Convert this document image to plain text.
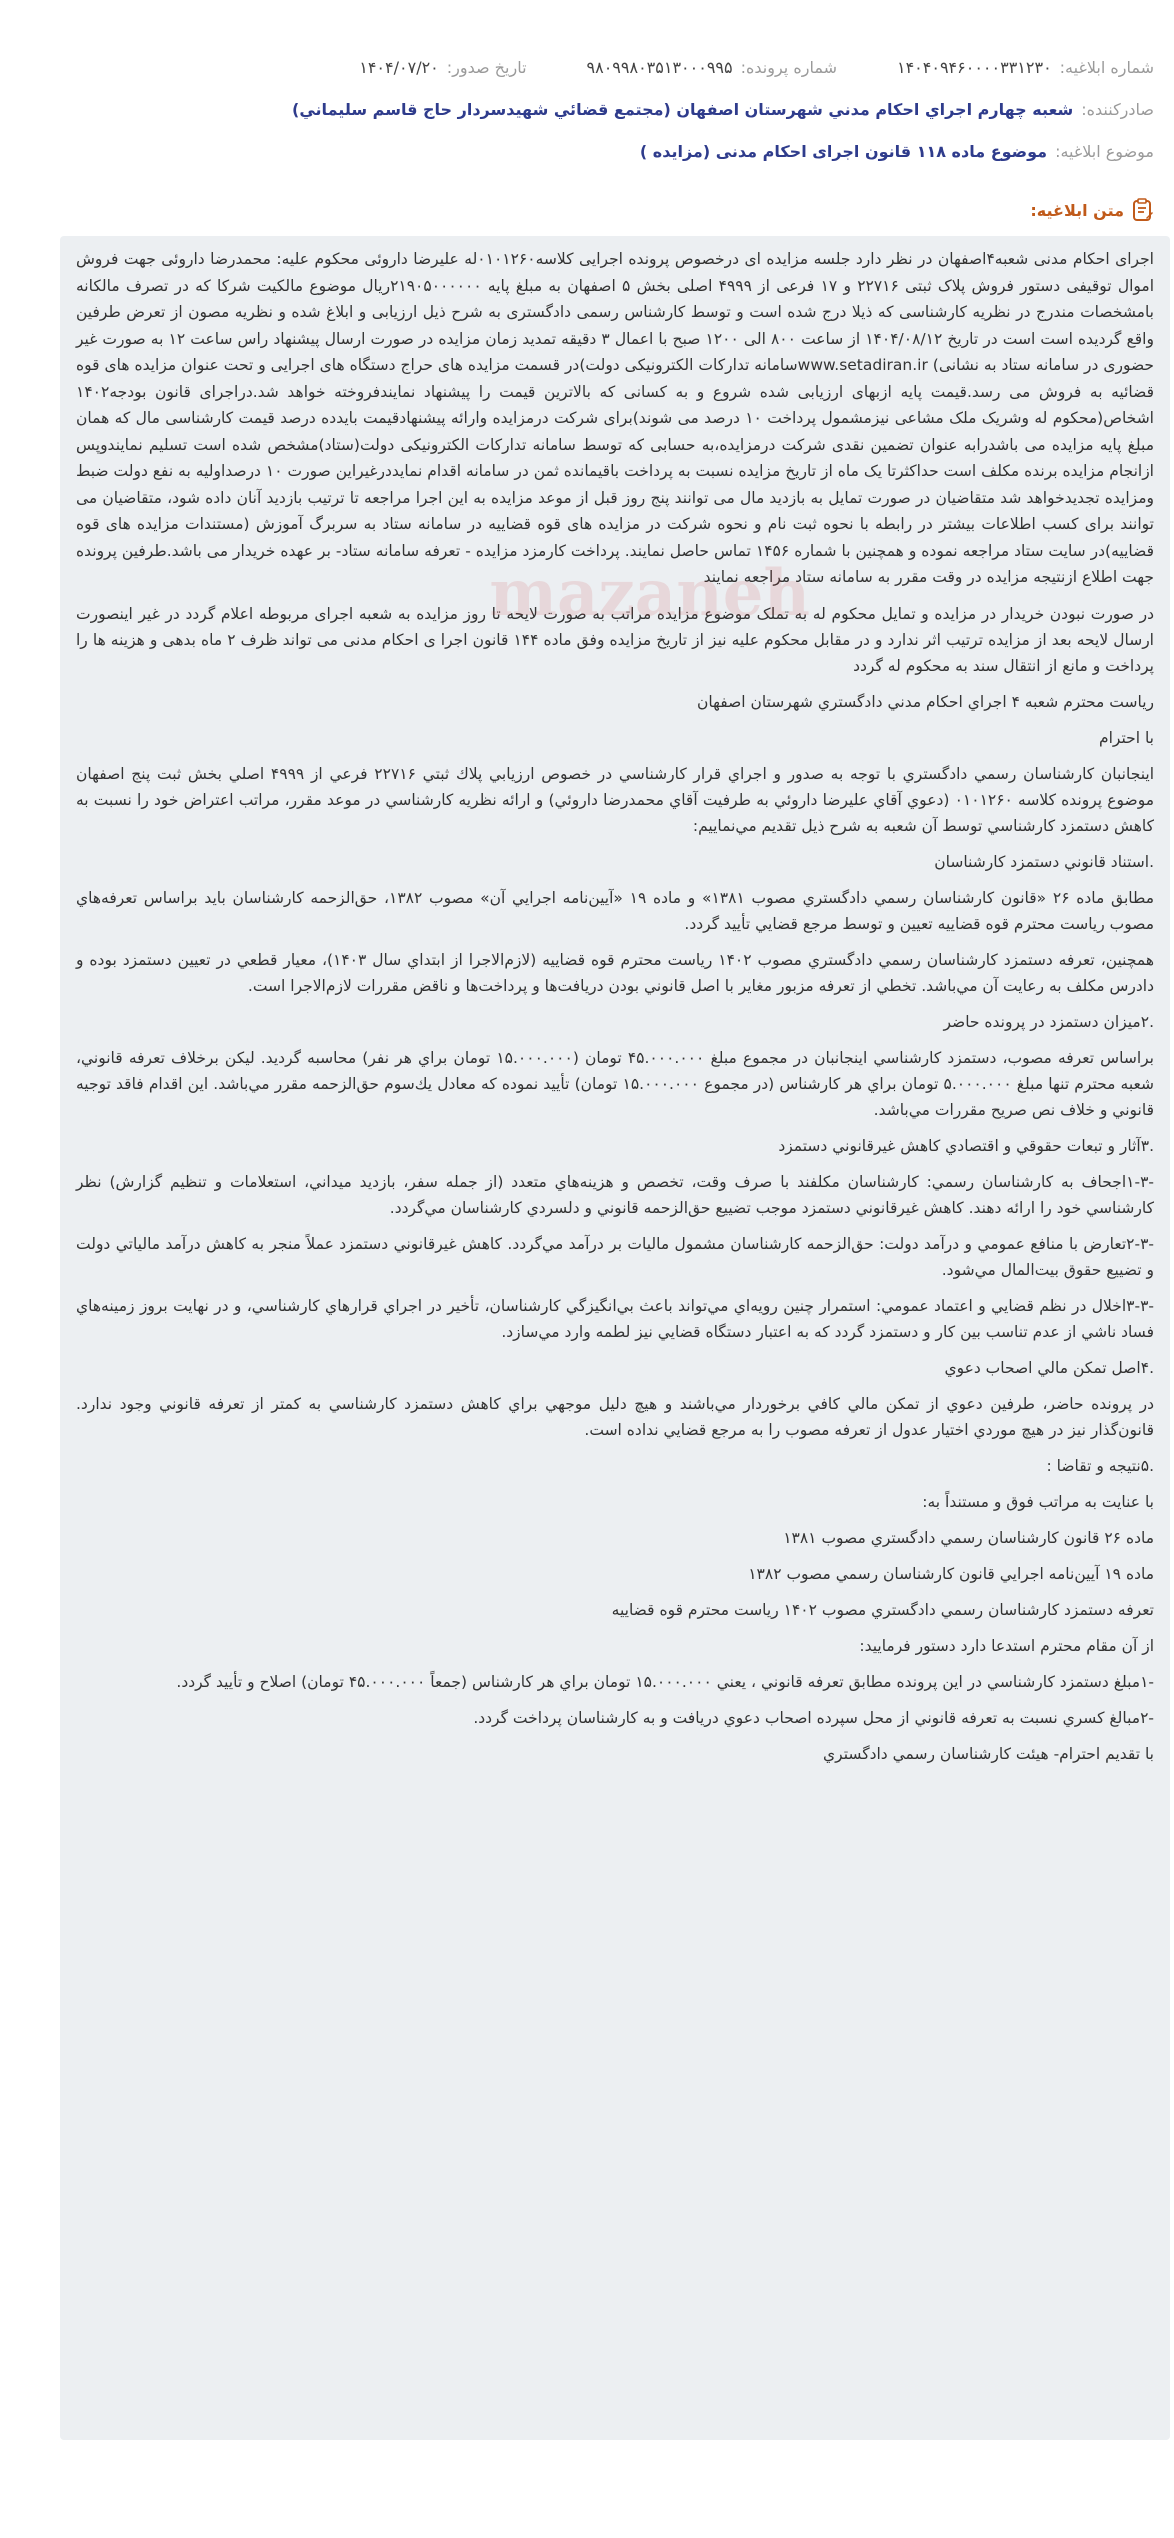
شماره ابلاغیه:
۱۴۰۴۰۹۴۶۰۰۰۰۳۳۱۲۳۰
شماره پرونده:
۹۸۰۹۹۸۰۳۵۱۳۰۰۰۹۹۵
تاریخ صدور:
۱۴۰۴/۰۷/۲۰
صادرکننده:
شعبه چهارم اجراي احكام مدني شهرستان اصفهان (مجتمع قضائي شهيدسردار حاج قاسم سليماني)
موضوع ابلاغیه:
موضوع ماده ۱۱۸ قانون اجرای احکام مدنی (مزایده )
متن ابلاغیه:
mazaneh

اجرای احکام مدنی شعبه۴اصفهان در نظر دارد جلسه مزایده ای درخصوص پرونده اجرایی کلاسه۰۱۰۱۲۶۰له علیرضا داروئی محکوم علیه: محمدرضا داروئی جهت فروش اموال توقیفی دستور فروش پلاک ثبتی ۲۲۷۱۶ و ۱۷ فرعی از ۴۹۹۹ اصلی بخش ۵ اصفهان به مبلغ پایه ۲۱۹۰۵۰۰۰۰۰۰ریال موضوع مالکیت شرکا که در تصرف مالکانه بامشخصات مندرج در نظریه کارشناسی که ذیلا درج شده است و توسط کارشناس رسمی دادگستری به شرح ذیل ارزیابی و ابلاغ شده و نظریه مصون از تعرض طرفین واقع گردیده است است در تاریخ ۱۴۰۴/۰۸/۱۲ از ساعت ۸۰۰ الی ۱۲۰۰ صبح با اعمال ۳ دقیقه تمدید زمان مزایده در صورت ارسال پیشنهاد راس ساعت ۱۲ به صورت غیر حضوری در سامانه ستاد به نشانی) www.setadiran.irسامانه تدارکات الکترونیکی دولت)در قسمت مزایده های حراج دستگاه های اجرایی و تحت عنوان مزایده های قوه قضائیه به فروش می رسد.قیمت پایه ازبهای ارزیابی شده شروع و به کسانی که بالاترین قیمت را پیشنهاد نمایندفروخته خواهد شد.دراجرای قانون بودجه۱۴۰۲ اشخاص(محکوم له وشریک ملک مشاعی نیزمشمول پرداخت ۱۰ درصد می شوند)برای شرکت درمزایده وارائه پیشنهادقیمت بایدده درصد قیمت کارشناسی مال که همان مبلغ پایه مزایده می باشدرابه عنوان تضمین نقدی شرکت درمزایده،به حسابی که توسط سامانه تدارکات الکترونیکی دولت(ستاد)مشخص شده است تسلیم نمایندوپس ازانجام مزایده برنده مکلف است حداکثرتا یک ماه از تاریخ مزایده نسبت به پرداخت باقیمانده ثمن در سامانه اقدام نمایددرغیراین صورت ۱۰ درصداولیه به نفع دولت ضبط ومزایده تجدیدخواهد شد متقاضیان در صورت تمایل به بازدید مال می توانند پنج روز قبل از موعد مزایده به این اجرا مراجعه تا ترتیب بازدید آنان داده شود، متقاضیان می توانند برای کسب اطلاعات بیشتر در رابطه با نحوه ثبت نام و نحوه شرکت در مزایده های قوه قضاییه در سامانه ستاد به سربرگ آموزش (مستندات مزایده های قوه قضاییه)در سایت ستاد مراجعه نموده و همچنین با شماره ۱۴۵۶ تماس حاصل نمایند. پرداخت کارمزد مزایده - تعرفه سامانه ستاد- بر عهده خریدار می باشد.طرفین پرونده جهت اطلاع ازنتیجه مزایده در وقت مقرر به سامانه ستاد مراجعه نمایند

در صورت نبودن خریدار در مزایده و تمایل محکوم له به تملک موضوع مزایده مراتب به صورت لایحه تا روز مزایده به شعبه اجرای مربوطه اعلام گردد در غیر اینصورت ارسال لایحه بعد از مزایده ترتیب اثر ندارد و در مقابل محکوم علیه نیز از تاریخ مزایده وفق ماده ۱۴۴ قانون اجرا ی احکام مدنی می تواند ظرف ۲ ماه بدهی و هزینه ها را پرداخت و مانع از انتقال سند به محکوم له گردد

رياست محترم شعبه ۴ اجراي احكام مدني دادگستري شهرستان اصفهان

با احترام

اينجانبان كارشناسان رسمي دادگستري با توجه به صدور و اجراي قرار كارشناسي در خصوص ارزيابي پلاك ثبتي ۲۲۷۱۶ فرعي از ۴۹۹۹ اصلي بخش ثبت پنج اصفهان موضوع پرونده كلاسه ۰۱۰۱۲۶۰ (دعوي آقاي عليرضا داروئي به طرفيت آقاي محمدرضا داروئي) و ارائه نظريه كارشناسي در موعد مقرر، مراتب اعتراض خود را نسبت به كاهش دستمزد كارشناسي توسط آن شعبه به شرح ذيل تقديم مي‌نماييم:

.استناد قانوني دستمزد كارشناسان

مطابق ماده ۲۶ «قانون كارشناسان رسمي دادگستري مصوب ۱۳۸۱» و ماده ۱۹ «آيين‌نامه اجرايي آن» مصوب ۱۳۸۲، حق‌الزحمه كارشناسان بايد براساس تعرفه‌هاي مصوب رياست محترم قوه قضاييه تعيين و توسط مرجع قضايي تأييد گردد.

همچنين، تعرفه دستمزد كارشناسان رسمي دادگستري مصوب ۱۴۰۲ رياست محترم قوه قضاييه (لازم‌الاجرا از ابتداي سال ۱۴۰۳)، معيار قطعي در تعيين دستمزد بوده و دادرس مكلف به رعايت آن مي‌باشد. تخطي از تعرفه مزبور مغاير با اصل قانوني بودن دريافت‌ها و پرداخت‌ها و ناقض مقررات لازم‌الاجرا است.

.۲ميزان دستمزد در پرونده حاضر

براساس تعرفه مصوب، دستمزد كارشناسي اينجانبان در مجموع مبلغ ۴۵.۰۰۰.۰۰۰ تومان (۱۵.۰۰۰.۰۰۰ تومان براي هر نفر) محاسبه گرديد. ليكن برخلاف تعرفه قانوني، شعبه محترم تنها مبلغ ۵.۰۰۰.۰۰۰ تومان براي هر كارشناس (در مجموع ۱۵.۰۰۰.۰۰۰ تومان) تأييد نموده كه معادل يك‌سوم حق‌الزحمه مقرر مي‌باشد. اين اقدام فاقد توجيه قانوني و خلاف نص صريح مقررات مي‌باشد.

.۳آثار و تبعات حقوقي و اقتصادي كاهش غيرقانوني دستمزد

-۱-۳اجحاف به كارشناسان رسمي: كارشناسان مكلفند با صرف وقت، تخصص و هزينه‌هاي متعدد (از جمله سفر، بازديد ميداني، استعلامات و تنظيم گزارش) نظر كارشناسي خود را ارائه دهند. كاهش غيرقانوني دستمزد موجب تضييع حق‌الزحمه قانوني و دلسردي كارشناسان مي‌گردد.

-۲-۳تعارض با منافع عمومي و درآمد دولت: حق‌الزحمه كارشناسان مشمول ماليات بر درآمد مي‌گردد. كاهش غيرقانوني دستمزد عملاً منجر به كاهش درآمد مالياتي دولت و تضييع حقوق بيت‌المال مي‌شود.

-۳-۳اخلال در نظم قضايي و اعتماد عمومي: استمرار چنين رويه‌اي مي‌تواند باعث بي‌انگيزگي كارشناسان، تأخير در اجراي قرارهاي كارشناسي، و در نهايت بروز زمينه‌هاي فساد ناشي از عدم تناسب بين كار و دستمزد گردد كه به اعتبار دستگاه قضايي نيز لطمه وارد مي‌سازد.

.۴اصل تمكن مالي اصحاب دعوي

در پرونده حاضر، طرفين دعوي از تمكن مالي كافي برخوردار مي‌باشند و هيچ دليل موجهي براي كاهش دستمزد كارشناسي به كمتر از تعرفه قانوني وجود ندارد. قانون‌گذار نيز در هيچ موردي اختيار عدول از تعرفه مصوب را به مرجع قضايي نداده است.

.۵نتيجه و تقاضا :

با عنايت به مراتب فوق و مستنداً به:

ماده ۲۶ قانون كارشناسان رسمي دادگستري مصوب ۱۳۸۱

ماده ۱۹ آيين‌نامه اجرايي قانون كارشناسان رسمي مصوب ۱۳۸۲

تعرفه دستمزد كارشناسان رسمي دادگستري مصوب ۱۴۰۲ رياست محترم قوه قضاييه

از آن مقام محترم استدعا دارد دستور فرماييد:

-۱مبلغ دستمزد كارشناسي در اين پرونده مطابق تعرفه قانوني ، يعني ۱۵.۰۰۰.۰۰۰ تومان براي هر كارشناس (جمعاً ۴۵.۰۰۰.۰۰۰ تومان) اصلاح و تأييد گردد.

-۲مبالغ كسري نسبت به تعرفه قانوني از محل سپرده اصحاب دعوي دريافت و به كارشناسان پرداخت گردد.

با تقديم احترام- هيئت كارشناسان رسمي دادگستري
